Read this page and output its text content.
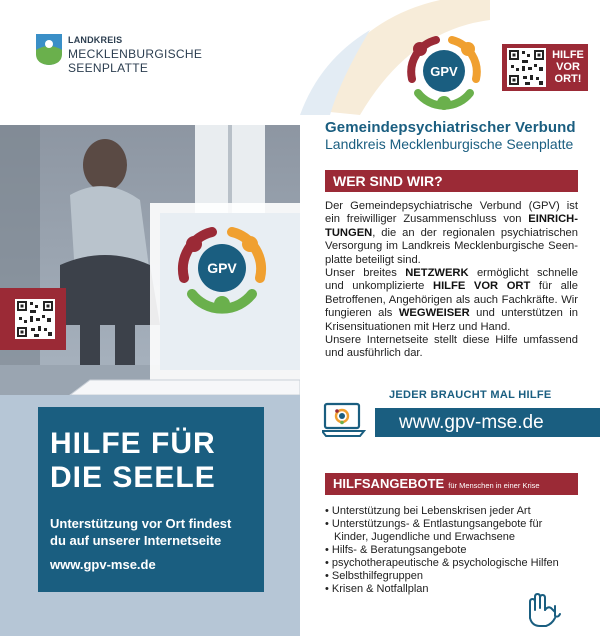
LANDKREIS
MECKLENBURGISCHE
SEENPLATTE
GPV
HILFE FÜR
DIE SEELE
Unterstützung vor Ort findest
du auf unserer Internetseite
www.gpv-mse.de
GPV
HILFE
VOR
ORT!
Gemeindepsychiatrischer Verbund
Landkreis Mecklenburgische Seenplatte
WER SIND WIR?

Der Gemeindepsychiatrische Verbund (GPV) ist ein freiwilliger Zusammenschluss von EINRICH-TUNGEN, die an der regionalen psychiatrischen Versorgung im Landkreis Mecklenburgische Seen-platte beteiligt sind.

Unser breites NETZWERK ermöglicht schnelle und unkomplizierte HILFE VOR ORT für alle Betroffenen, Angehörigen als auch Fachkräfte. Wir fungieren als WEGWEISER und unterstützen in Krisensituationen mit Herz und Hand.

Unsere Internetseite stellt diese Hilfe umfassend und ausführlich dar.

JEDER BRAUCHT MAL HILFE
www.gpv-mse.de
HILFSANGEBOTE für Menschen in einer Krise
• Unterstützung bei Lebenskrisen jeder Art
• Unterstützungs- & Entlastungsangebote für
Kinder, Jugendliche und Erwachsene
• Hilfs- & Beratungsangebote
• psychotherapeutische & psychologische Hilfen
• Selbsthilfegruppen
• Krisen & Notfallplan
